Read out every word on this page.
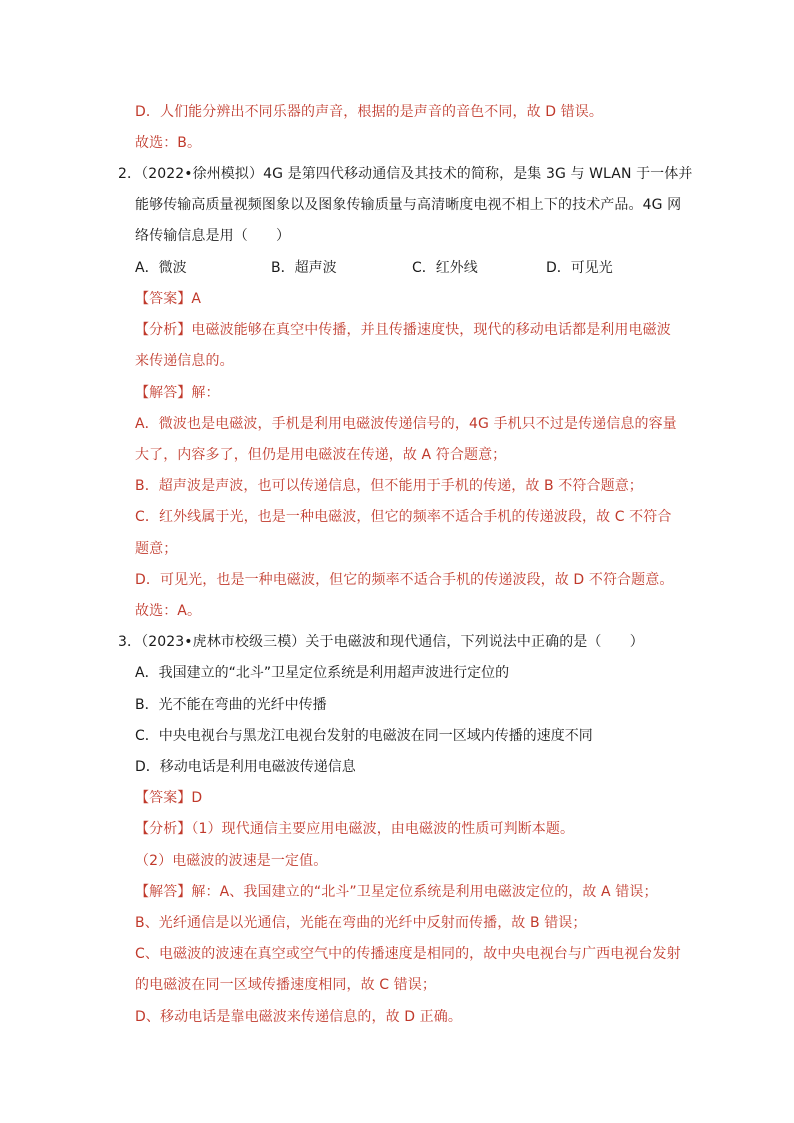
D．人们能分辨出不同乐器的声音，根据的是声音的音色不同，故 D 错误。
故选：B。
2．（2022•徐州模拟）4G 是第四代移动通信及其技术的简称，是集 3G 与 WLAN 于一体并
能够传输高质量视频图象以及图象传输质量与高清晰度电视不相上下的技术产品。4G 网
络传输信息是用（　　）
A．微波	B．超声波	C．红外线	D．可见光
【答案】A
【分析】电磁波能够在真空中传播，并且传播速度快，现代的移动电话都是利用电磁波
来传递信息的。
【解答】解：
A．微波也是电磁波，手机是利用电磁波传递信号的，4G 手机只不过是传递信息的容量
大了，内容多了，但仍是用电磁波在传递，故 A 符合题意；
B．超声波是声波，也可以传递信息，但不能用于手机的传递，故 B 不符合题意；
C．红外线属于光，也是一种电磁波，但它的频率不适合手机的传递波段，故 C 不符合
题意；
D．可见光，也是一种电磁波，但它的频率不适合手机的传递波段，故 D 不符合题意。
故选：A。
3．（2023•虎林市校级三模）关于电磁波和现代通信，下列说法中正确的是（　　）
A．我国建立的“北斗”卫星定位系统是利用超声波进行定位的
B．光不能在弯曲的光纤中传播
C．中央电视台与黑龙江电视台发射的电磁波在同一区域内传播的速度不同
D．移动电话是利用电磁波传递信息
【答案】D
【分析】（1）现代通信主要应用电磁波，由电磁波的性质可判断本题。
（2）电磁波的波速是一定值。
【解答】解：A、我国建立的“北斗”卫星定位系统是利用电磁波定位的，故 A 错误；
B、光纤通信是以光通信，光能在弯曲的光纤中反射而传播，故 B 错误；
C、电磁波的波速在真空或空气中的传播速度是相同的，故中央电视台与广西电视台发射
的电磁波在同一区域传播速度相同，故 C 错误；
D、移动电话是靠电磁波来传递信息的，故 D 正确。
